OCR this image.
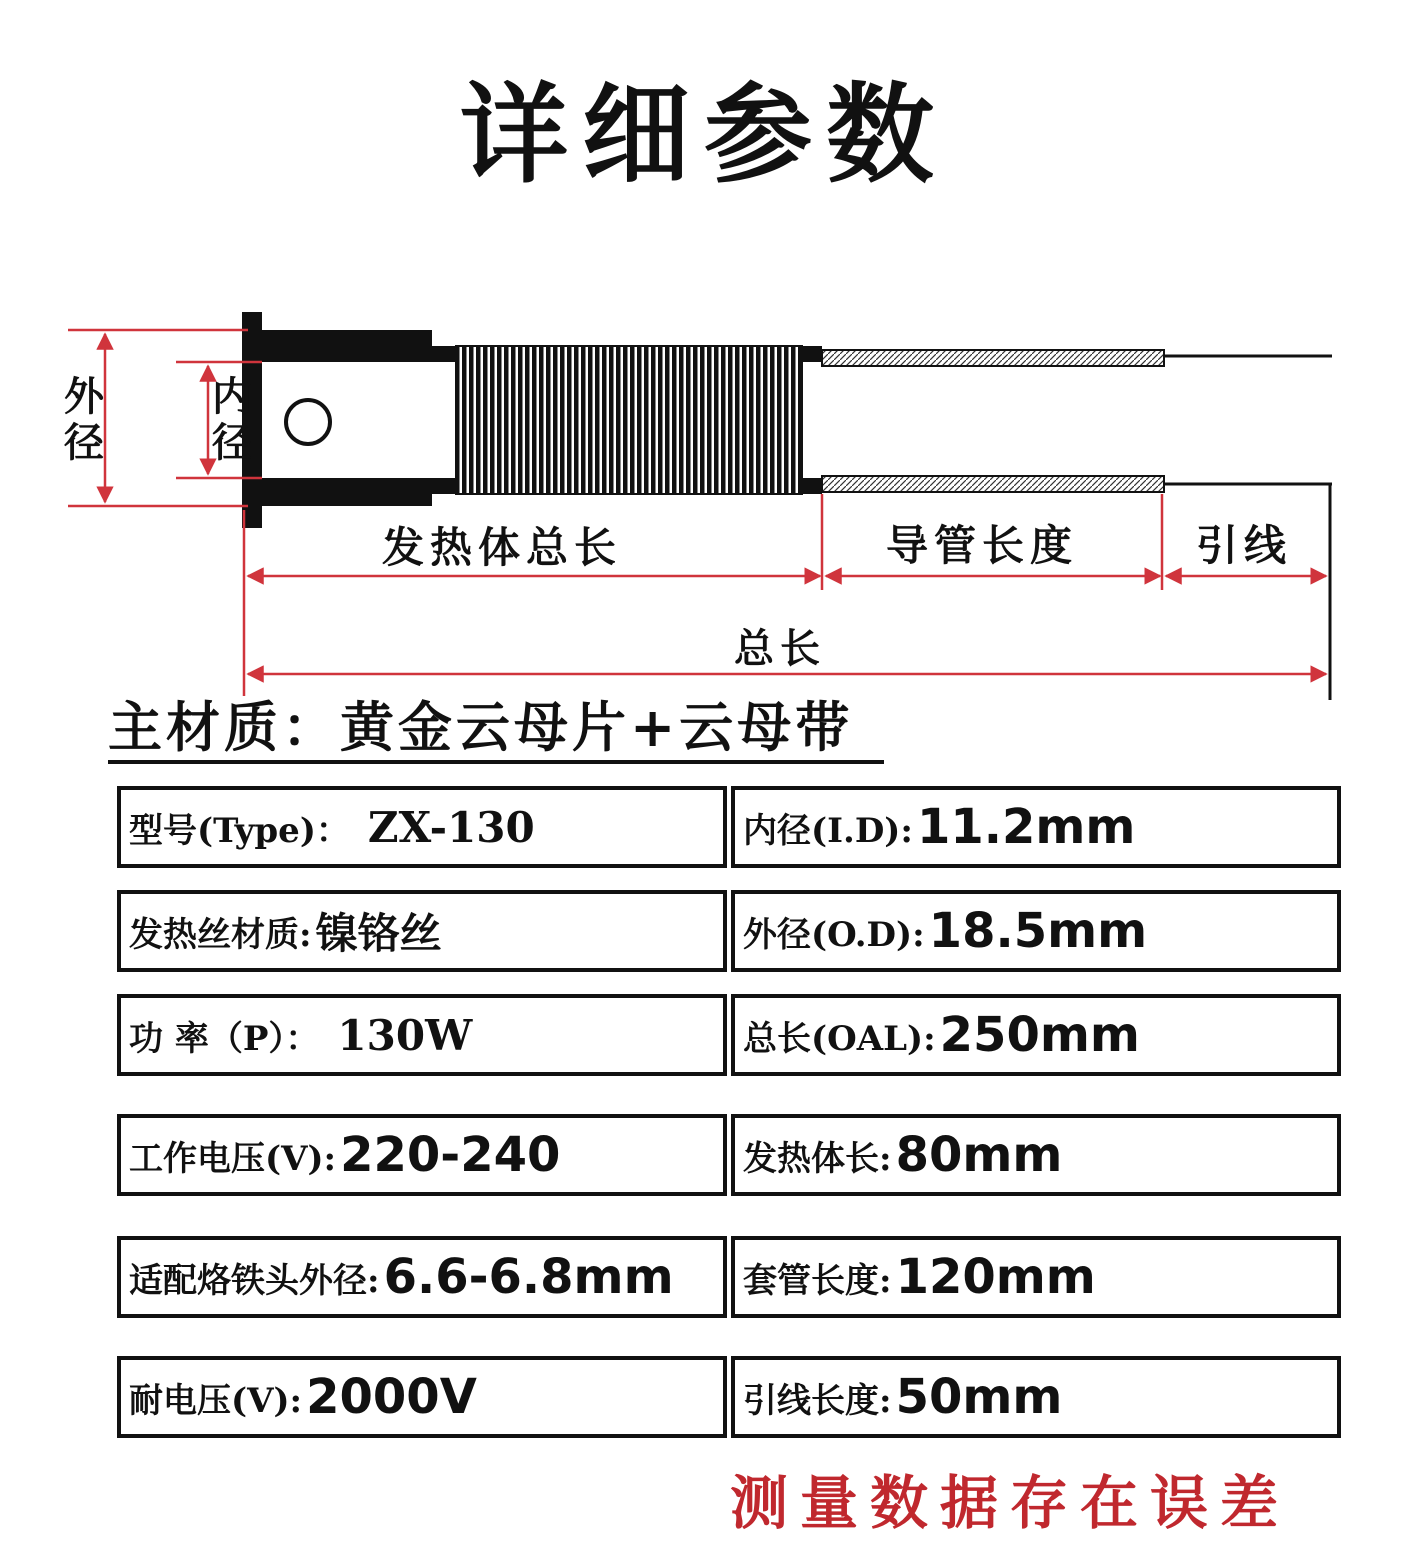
详细参数
外
径
内
径
发热体总长	导管长度	引线
总长
主材质：黄金云母片+云母带
型号(Type)： ZX-130	内径(I.D): 11.2mm
发热丝材质: 镍铬丝	外径(O.D): 18.5mm
功 率（P）： 130W	总长(OAL): 250mm
工作电压(V): 220-240	发热体长: 80mm
适配烙铁头外径: 6.6-6.8mm 套管长度: 120mm
耐电压(V): 2000V	引线长度: 50mm
测量数据存在误差
